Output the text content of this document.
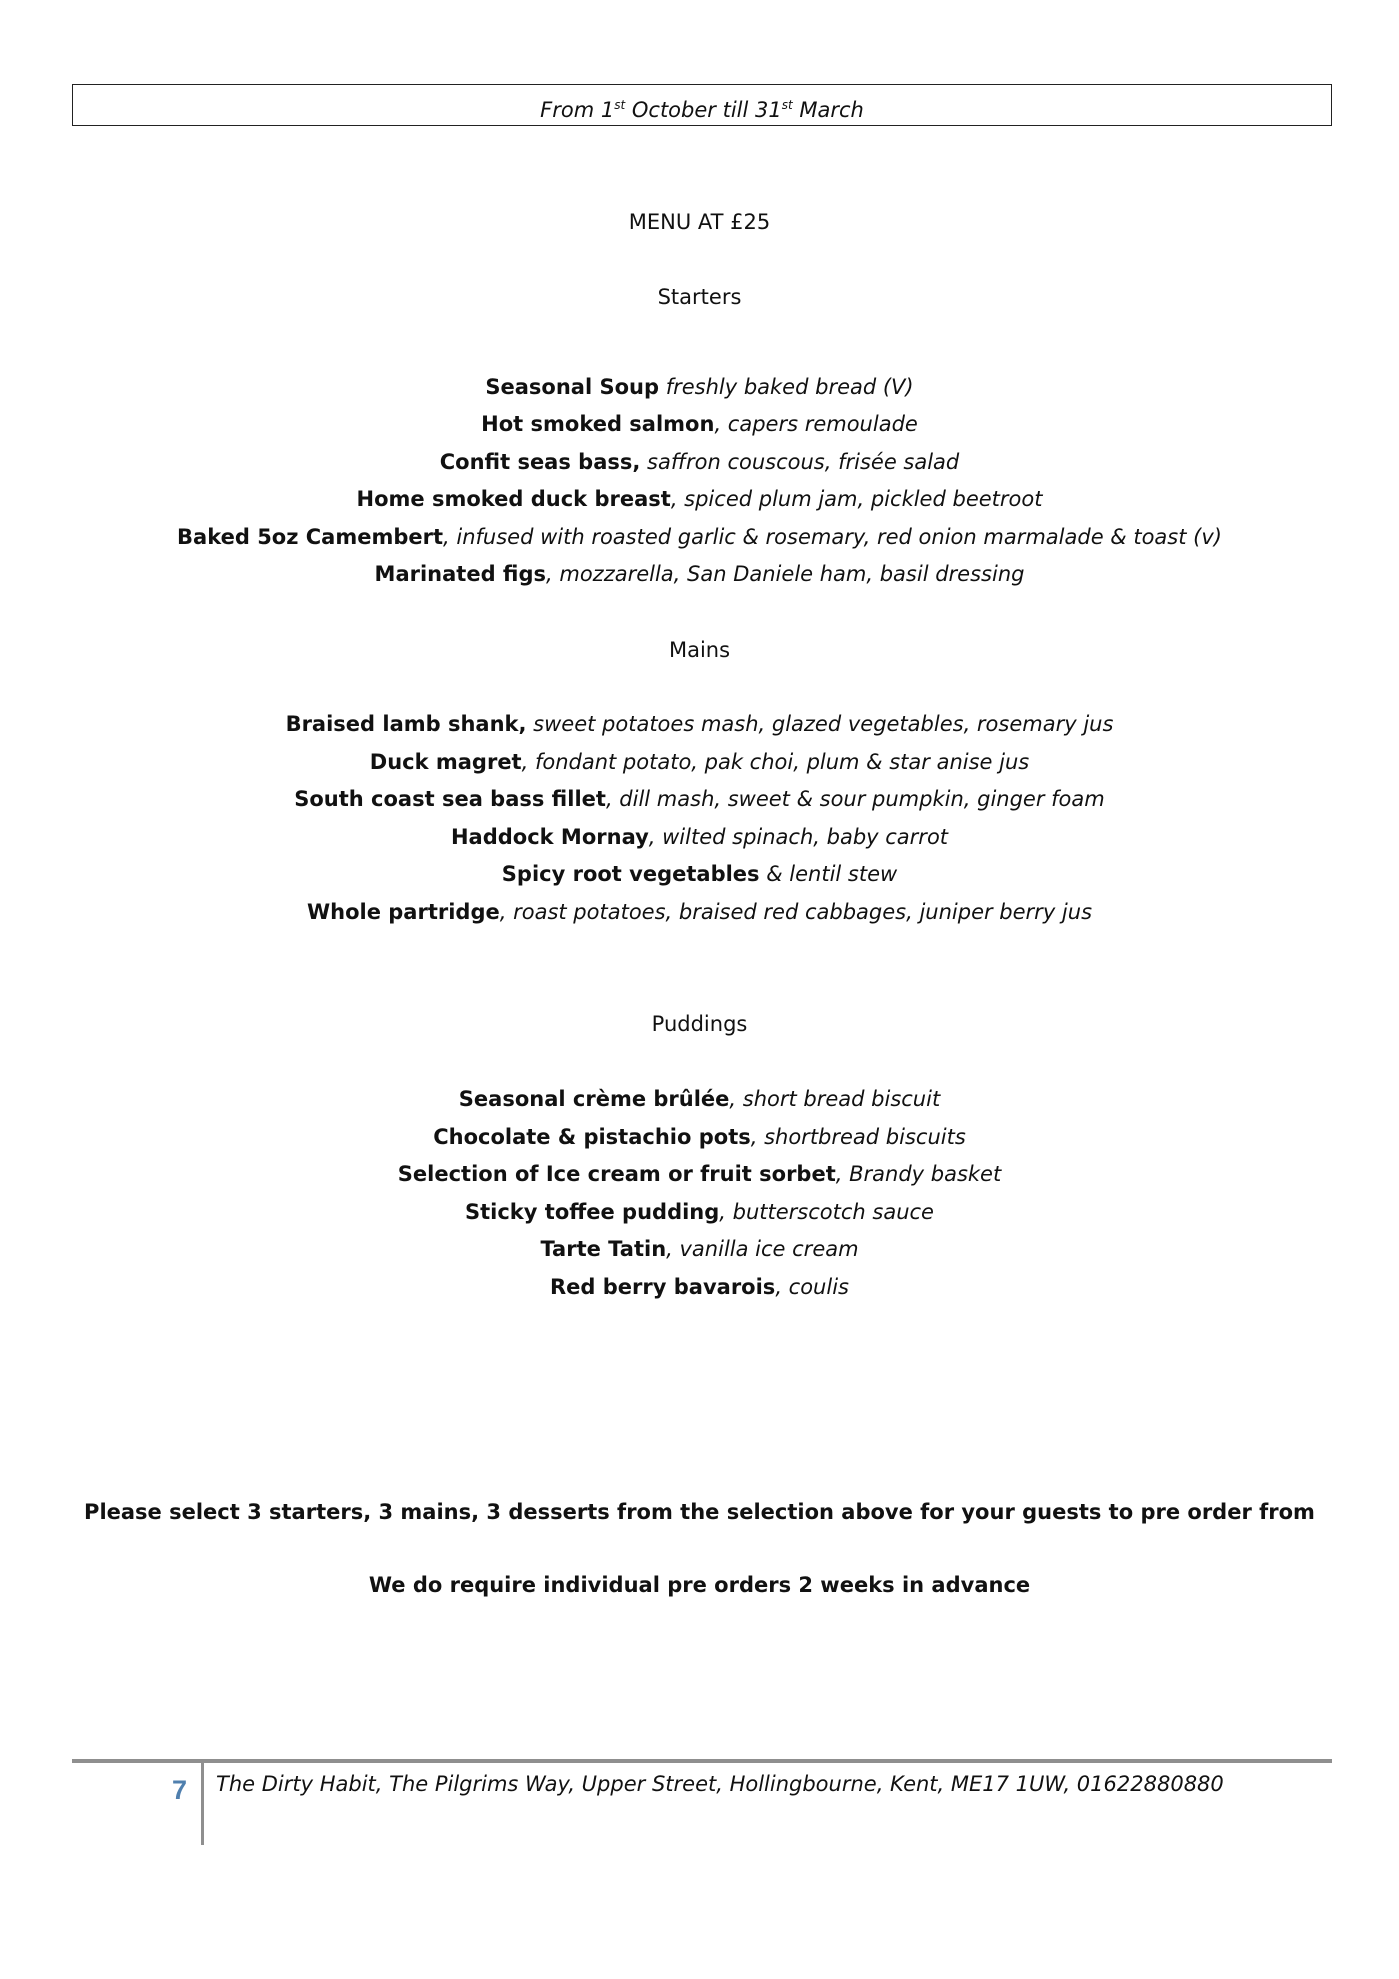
From 1st October till 31st March
MENU AT £25
Starters
Seasonal Soup freshly baked bread (V)
Hot smoked salmon, capers remoulade
Confit seas bass, saffron couscous, frisée salad
Home smoked duck breast, spiced plum jam, pickled beetroot
Baked 5oz Camembert, infused with roasted garlic & rosemary, red onion marmalade & toast (v)
Marinated figs, mozzarella, San Daniele ham, basil dressing
Mains
Braised lamb shank, sweet potatoes mash, glazed vegetables, rosemary jus
Duck magret, fondant potato, pak choi, plum & star anise jus
South coast sea bass fillet, dill mash, sweet & sour pumpkin, ginger foam
Haddock Mornay, wilted spinach, baby carrot
Spicy root vegetables & lentil stew
Whole partridge, roast potatoes, braised red cabbages, juniper berry jus
Puddings
Seasonal crème brûlée, short bread biscuit
Chocolate & pistachio pots, shortbread biscuits
Selection of Ice cream or fruit sorbet, Brandy basket
Sticky toffee pudding, butterscotch sauce
Tarte Tatin, vanilla ice cream
Red berry bavarois, coulis
Please select 3 starters, 3 mains, 3 desserts from the selection above for your guests to pre order from
We do require individual pre orders 2 weeks in advance
7 The Dirty Habit, The Pilgrims Way, Upper Street, Hollingbourne, Kent, ME17 1UW, 01622880880
